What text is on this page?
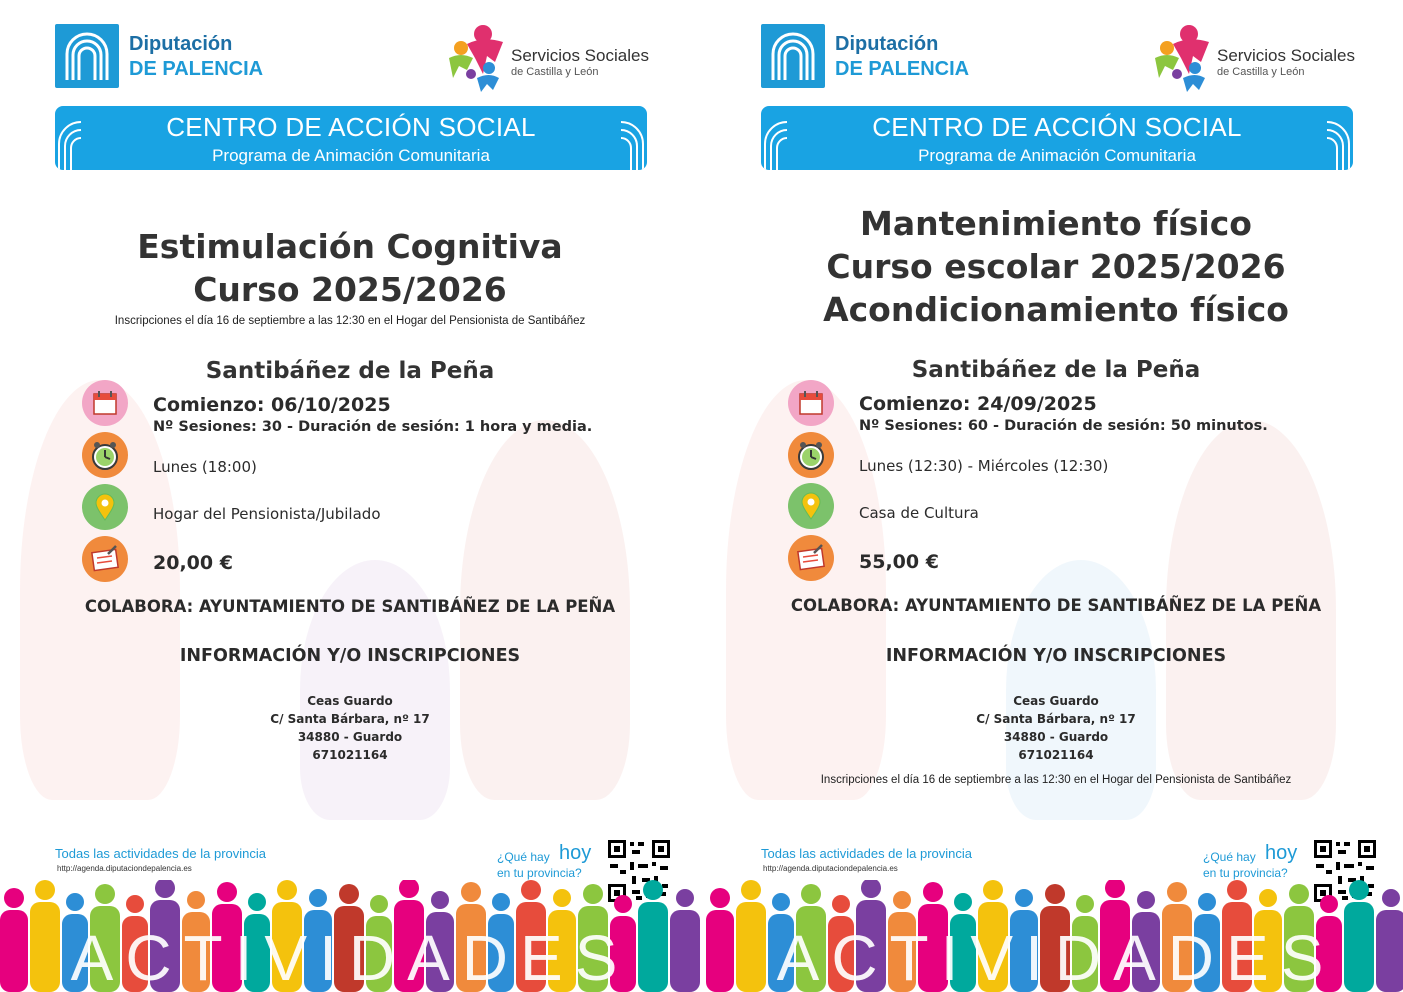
Diputación
DE PALENCIA
Servicios Sociales
de Castilla y León
CENTRO DE ACCIÓN SOCIAL
Programa de Animación Comunitaria
Estimulación Cognitiva
Curso 2025/2026
Inscripciones el día 16 de septiembre a las 12:30 en el Hogar del Pensionista de Santibáñez
Santibáñez de la Peña
Comienzo: 06/10/2025
Nº Sesiones: 30 - Duración de sesión: 1 hora y media.
Lunes (18:00)
Hogar del Pensionista/Jubilado
20,00 €
COLABORA: AYUNTAMIENTO DE SANTIBÁÑEZ DE LA PEÑA
INFORMACIÓN Y/O INSCRIPCIONES
Ceas Guardo
C/ Santa Bárbara, nº 17
34880 - Guardo
671021164
Todas las actividades de la provincia
http://agenda.diputaciondepalencia.es
¿Qué hay hoy
en tu provincia?
ACTIVIDADES
Diputación
DE PALENCIA
Servicios Sociales
de Castilla y León
CENTRO DE ACCIÓN SOCIAL
Programa de Animación Comunitaria
Mantenimiento físico
Curso escolar 2025/2026
Acondicionamiento físico
Santibáñez de la Peña
Comienzo: 24/09/2025
Nº Sesiones: 60 - Duración de sesión: 50 minutos.
Lunes (12:30) - Miércoles (12:30)
Casa de Cultura
55,00 €
COLABORA: AYUNTAMIENTO DE SANTIBÁÑEZ DE LA PEÑA
INFORMACIÓN Y/O INSCRIPCIONES
Ceas Guardo
C/ Santa Bárbara, nº 17
34880 - Guardo
671021164
Inscripciones el día 16 de septiembre a las 12:30 en el Hogar del Pensionista de Santibáñez
Todas las actividades de la provincia
http://agenda.diputaciondepalencia.es
¿Qué hay hoy
en tu provincia?
ACTIVIDADES
